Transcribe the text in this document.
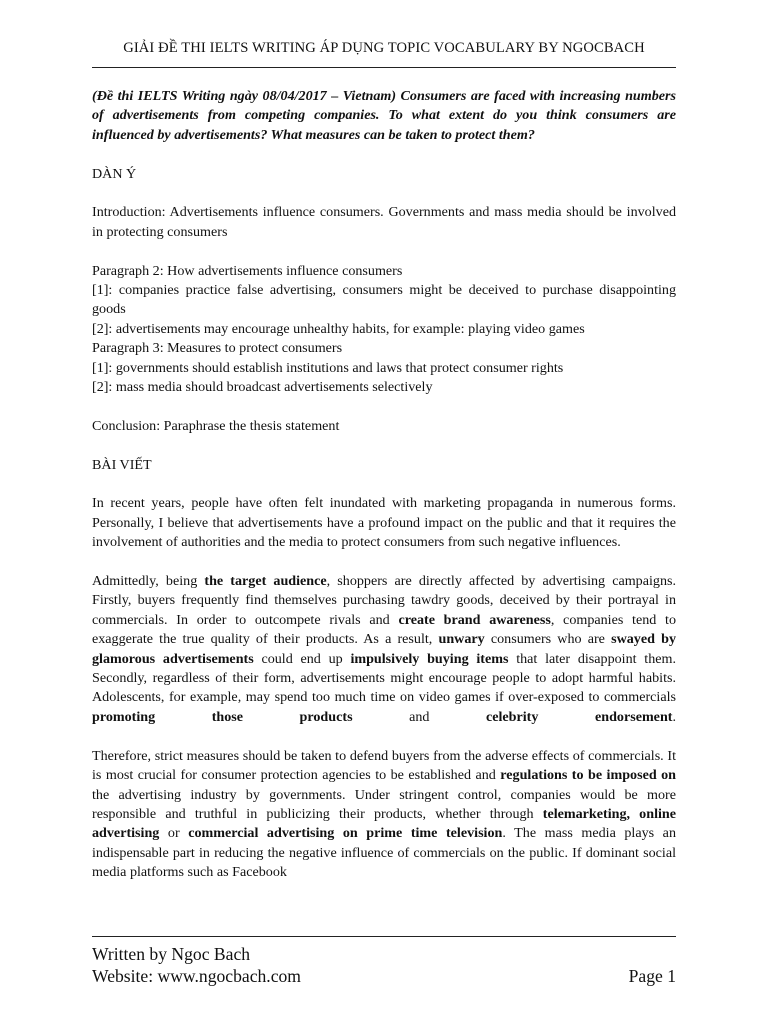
GIẢI ĐỀ THI IELTS WRITING ÁP DỤNG TOPIC VOCABULARY BY NGOCBACH

(Đề thi IELTS Writing ngày 08/04/2017 – Vietnam) Consumers are faced with increasing numbers of advertisements from competing companies. To what extent do you think consumers are influenced by advertisements? What measures can be taken to protect them?

DÀN Ý

Introduction: Advertisements influence consumers. Governments and mass media should be involved in protecting consumers

Paragraph 2: How advertisements influence consumers

[1]: companies practice false advertising, consumers might be deceived to purchase disappointing goods

[2]: advertisements may encourage unhealthy habits, for example: playing video games

Paragraph 3: Measures to protect consumers

[1]: governments should establish institutions and laws that protect consumer rights

[2]: mass media should broadcast advertisements selectively

Conclusion: Paraphrase the thesis statement

BÀI VIẾT

In recent years, people have often felt inundated with marketing propaganda in numerous forms. Personally, I believe that advertisements have a profound impact on the public and that it requires the involvement of authorities and the media to protect consumers from such negative influences.

Admittedly, being the target audience, shoppers are directly affected by advertising campaigns. Firstly, buyers frequently find themselves purchasing tawdry goods, deceived by their portrayal in commercials. In order to outcompete rivals and create brand awareness, companies tend to exaggerate the true quality of their products. As a result, unwary consumers who are swayed by glamorous advertisements could end up impulsively buying items that later disappoint them. Secondly, regardless of their form, advertisements might encourage people to adopt harmful habits. Adolescents, for example, may spend too much time on video games if over-exposed to commercials promoting those products and celebrity	endorsement.

Therefore, strict measures should be taken to defend buyers from the adverse effects of commercials. It is most crucial for consumer protection agencies to be established and regulations to be imposed on the advertising industry by governments. Under stringent control, companies would be more responsible and truthful in publicizing their products, whether through telemarketing, online advertising or commercial advertising on prime time television. The mass media plays an indispensable part in reducing the negative influence of commercials on the public. If dominant social media platforms such as Facebook

Written by Ngoc Bach
Website: www.ngocbach.com	Page 1
